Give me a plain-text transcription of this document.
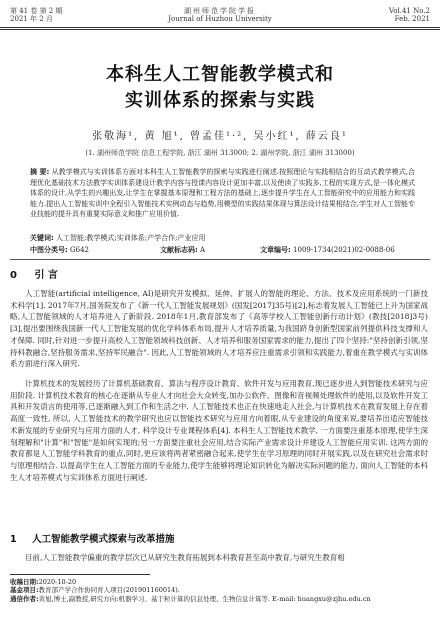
第 41 卷 第 2 期
2021 年 2 月
湖州师范学院学报
Journal of Huzhou University
Vol.41 No.2
Feb. 2021
本科生人工智能教学模式和
实训体系的探索与实践
张敬海¹, 黄 旭¹, 曾孟佳¹·², 吴小红¹, 薛云良¹
(1. 湖州师范学院 信息工程学院, 浙江 湖州 313000; 2. 湖州学院, 浙江 湖州 313000)
摘 要: 从教学模式与实训体系方面对本科生人工智能教学的探索与实践进行阐述.按照理论与实践相结合的互动式教学模式,合理优化基础技术方法教学实训体系建设计教学内容与授课内容设计更加丰富,以及使读了实践多,工程的实现方式,是一体化模式体系的设计,从学生的兴趣出发,让学生在掌握基本原理和工程方法的基础上,逐步提升学生在人工智能研究中的应用能力和实践能力.提出人工智能实训中全程引入智能技术实例动态与趋势,用模型的实践结果体现与算法设计结果相结合,学生对人工智能专业技能的提升具有重要实际意义和推广应用价值.
关键词: 人工智能;教学模式;实训体系;产学合作;产业应用
中图分类号: G642	文献标志码: A	文章编号: 1009-1734(2021)02-0088-06
0 引 言
人工智能(artificial intelligence, AI)是研究开发模拟、延伸、扩展人的智能的理论、方法、技术及应用系统的一门新技术科学[1]. 2017年7月,国务院发布了《新一代人工智能发展规划》(国发[2017]35号)[2],标志着发展人工智能已上升为国家战略,人工智能领域的人才培养进入了新阶段. 2018年1月,教育部发布了《高等学校人工智能创新行动计划》(教技[2018]3号)[3],提出要围绕我国新一代人工智能发展的优化学科体系布局,提升人才培养质量,为我国跻身创新型国家前列提供科技支撑和人才保障. 同时,针对进一步提升高校人工智能领域科技创新、人才培养和服务国家需求的能力,提出了四个坚持:"坚持创新引领,坚持科教融合,坚持服务需求,坚持军民融合". 因此,人工智能领域的人才培养应注重需求引领和实践能力,着重在教学模式与实训体系方面进行深入研究.
计算机技术的发展经历了计算机基础教育、算法与程序设计教育、软件开发与应用教育,现已逐步进入到智能技术研究与应用阶段. 计算机技术教育的核心在逐渐从专业人才向社会大众转变,加办公软件、图像和音视频处理软件的使用,以及软件开发工具和开发语言的使用等,已逐渐融入到工作和生活之中. 人工智能技术也正在快速地走入社会,与计算机技术在教育发展上存在着高度一致性, 所以, 人工智能技术的教学研究也应以智能技术研究与应用方向着眼,从专业建设的角度来说,要培养出适应智能技术新发展的专业研究与应用方面的人才, 科学设计专业课程体系[4]. 本科生人工智能技术教学, 一方面要注重基本原理,使学生深刻理解和"计算"和"智能"是如何实现的;另一方面要注重社会应用,结合实际产业需求设计并建设人工智能应用实训. 这两方面的教育都是人工智能学科教育的重点,同时,更应该将两者紧密融合起来,使学生在学习原理的同时开展实践,以及在研究社会需求时与原理相结合. 以提高学生在人工智能方面的专业能力,使学生能够将理论知识转化为解决实际问题的能力, 面向人工智能的本科生人才培养模式与实训体系方面进行阐述.
1 人工智能教学模式探索与改革措施
目前,人工智能教学偏重的教学层次已从研究生教育拓展到本科教育甚至高中教育,与研究生教育相
收稿日期:2020-10-20
基金项目:教育部产学合作协同育人项目(201901160014).
通信作者:黄旭,博士,副教授,研究方向:机器学习、基于粒计算的信息处理、生物信息计算等. E-mail: huangxu@zjhu.edu.cn
